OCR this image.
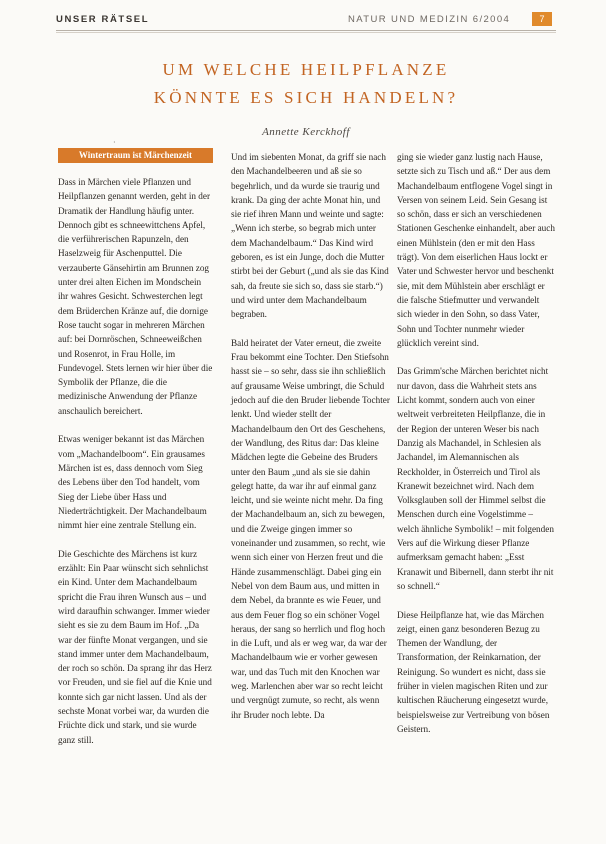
UNSER RÄTSEL	NATUR UND MEDIZIN 6/2004	7
UM WELCHE HEILPFLANZE
KÖNNTE ES SICH HANDELN?
Annette Kerckhoff
·
Wintertraum ist Märchenzeit

Dass in Märchen viele Pflanzen und Heilpflanzen genannt werden, geht in der Dramatik der Handlung häufig unter. Dennoch gibt es schneewittchens Apfel, die verführerischen Rapunzeln, den Haselzweig für Aschenputtel. Die verzauberte Gänsehirtin am Brunnen zog unter drei alten Eichen im Mondschein ihr wahres Gesicht. Schwesterchen legt dem Brüderchen Kränze auf, die dornige Rose taucht sogar in mehreren Märchen auf: bei Dornröschen, Schneeweißchen und Rosenrot, in Frau Holle, im Fundevogel. Stets lernen wir hier über die Symbolik der Pflanze, die die medizinische Anwendung der Pflanze anschaulich bereichert.

Etwas weniger bekannt ist das Märchen vom „Machandelboom“. Ein grausames Märchen ist es, dass dennoch vom Sieg des Lebens über den Tod handelt, vom Sieg der Liebe über Hass und Niederträchtigkeit. Der Machandelbaum nimmt hier eine zentrale Stellung ein.

Die Geschichte des Märchens ist kurz erzählt: Ein Paar wünscht sich sehnlichst ein Kind. Unter dem Machandelbaum spricht die Frau ihren Wunsch aus – und wird daraufhin schwanger. Immer wieder sieht es sie zu dem Baum im Hof. „Da war der fünfte Monat vergangen, und sie stand immer unter dem Machandelbaum, der roch so schön. Da sprang ihr das Herz vor Freuden, und sie fiel auf die Knie und konnte sich gar nicht lassen. Und als der sechste Monat vorbei war, da wurden die Früchte dick und stark, und sie wurde ganz still.

Und im siebenten Monat, da griff sie nach den Machandelbeeren und aß sie so begehrlich, und da wurde sie traurig und krank. Da ging der achte Monat hin, und sie rief ihren Mann und weinte und sagte: „Wenn ich sterbe, so begrab mich unter dem Machandelbaum.“ Das Kind wird geboren, es ist ein Junge, doch die Mutter stirbt bei der Geburt („und als sie das Kind sah, da freute sie sich so, dass sie starb.“) und wird unter dem Machandelbaum begraben.

Bald heiratet der Vater erneut, die zweite Frau bekommt eine Tochter. Den Stiefsohn hasst sie – so sehr, dass sie ihn schließlich auf grausame Weise umbringt, die Schuld jedoch auf die den Bruder liebende Tochter lenkt. Und wieder stellt der Machandelbaum den Ort des Geschehens, der Wandlung, des Ritus dar: Das kleine Mädchen legte die Gebeine des Bruders unter den Baum „und als sie sie dahin gelegt hatte, da war ihr auf einmal ganz leicht, und sie weinte nicht mehr. Da fing der Machandelbaum an, sich zu bewegen, und die Zweige gingen immer so voneinander und zusammen, so recht, wie wenn sich einer von Herzen freut und die Hände zusammenschlägt. Dabei ging ein Nebel von dem Baum aus, und mitten in dem Nebel, da brannte es wie Feuer, und aus dem Feuer flog so ein schöner Vogel heraus, der sang so herrlich und flog hoch in die Luft, und als er weg war, da war der Machandelbaum wie er vorher gewesen war, und das Tuch mit den Knochen war weg. Marlenchen aber war so recht leicht und vergnügt zumute, so recht, als wenn ihr Bruder noch lebte. Da

ging sie wieder ganz lustig nach Hause, setzte sich zu Tisch und aß.“ Der aus dem Machandelbaum entflogene Vogel singt in Versen von seinem Leid. Sein Gesang ist so schön, dass er sich an verschiedenen Stationen Geschenke einhandelt, aber auch einen Mühlstein (den er mit den Hass trägt). Von dem eiserlichen Haus lockt er Vater und Schwester hervor und beschenkt sie, mit dem Mühlstein aber erschlägt er die falsche Stiefmutter und verwandelt sich wieder in den Sohn, so dass Vater, Sohn und Tochter nunmehr wieder glücklich vereint sind.

Das Grimm'sche Märchen berichtet nicht nur davon, dass die Wahrheit stets ans Licht kommt, sondern auch von einer weltweit verbreiteten Heilpflanze, die in der Region der unteren Weser bis nach Danzig als Machandel, in Schlesien als Jachandel, im Alemannischen als Reckholder, in Österreich und Tirol als Kranewit bezeichnet wird. Nach dem Volksglauben soll der Himmel selbst die Menschen durch eine Vogelstimme – welch ähnliche Symbolik! – mit folgenden Vers auf die Wirkung dieser Pflanze aufmerksam gemacht haben: „Esst Kranawit und Bibernell, dann sterbt ihr nit so schnell.“

Diese Heilpflanze hat, wie das Märchen zeigt, einen ganz besonderen Bezug zu Themen der Wandlung, der Transformation, der Reinkarnation, der Reinigung. So wundert es nicht, dass sie früher in vielen magischen Riten und zur kultischen Räucherung eingesetzt wurde, beispielsweise zur Vertreibung von bösen Geistern.
